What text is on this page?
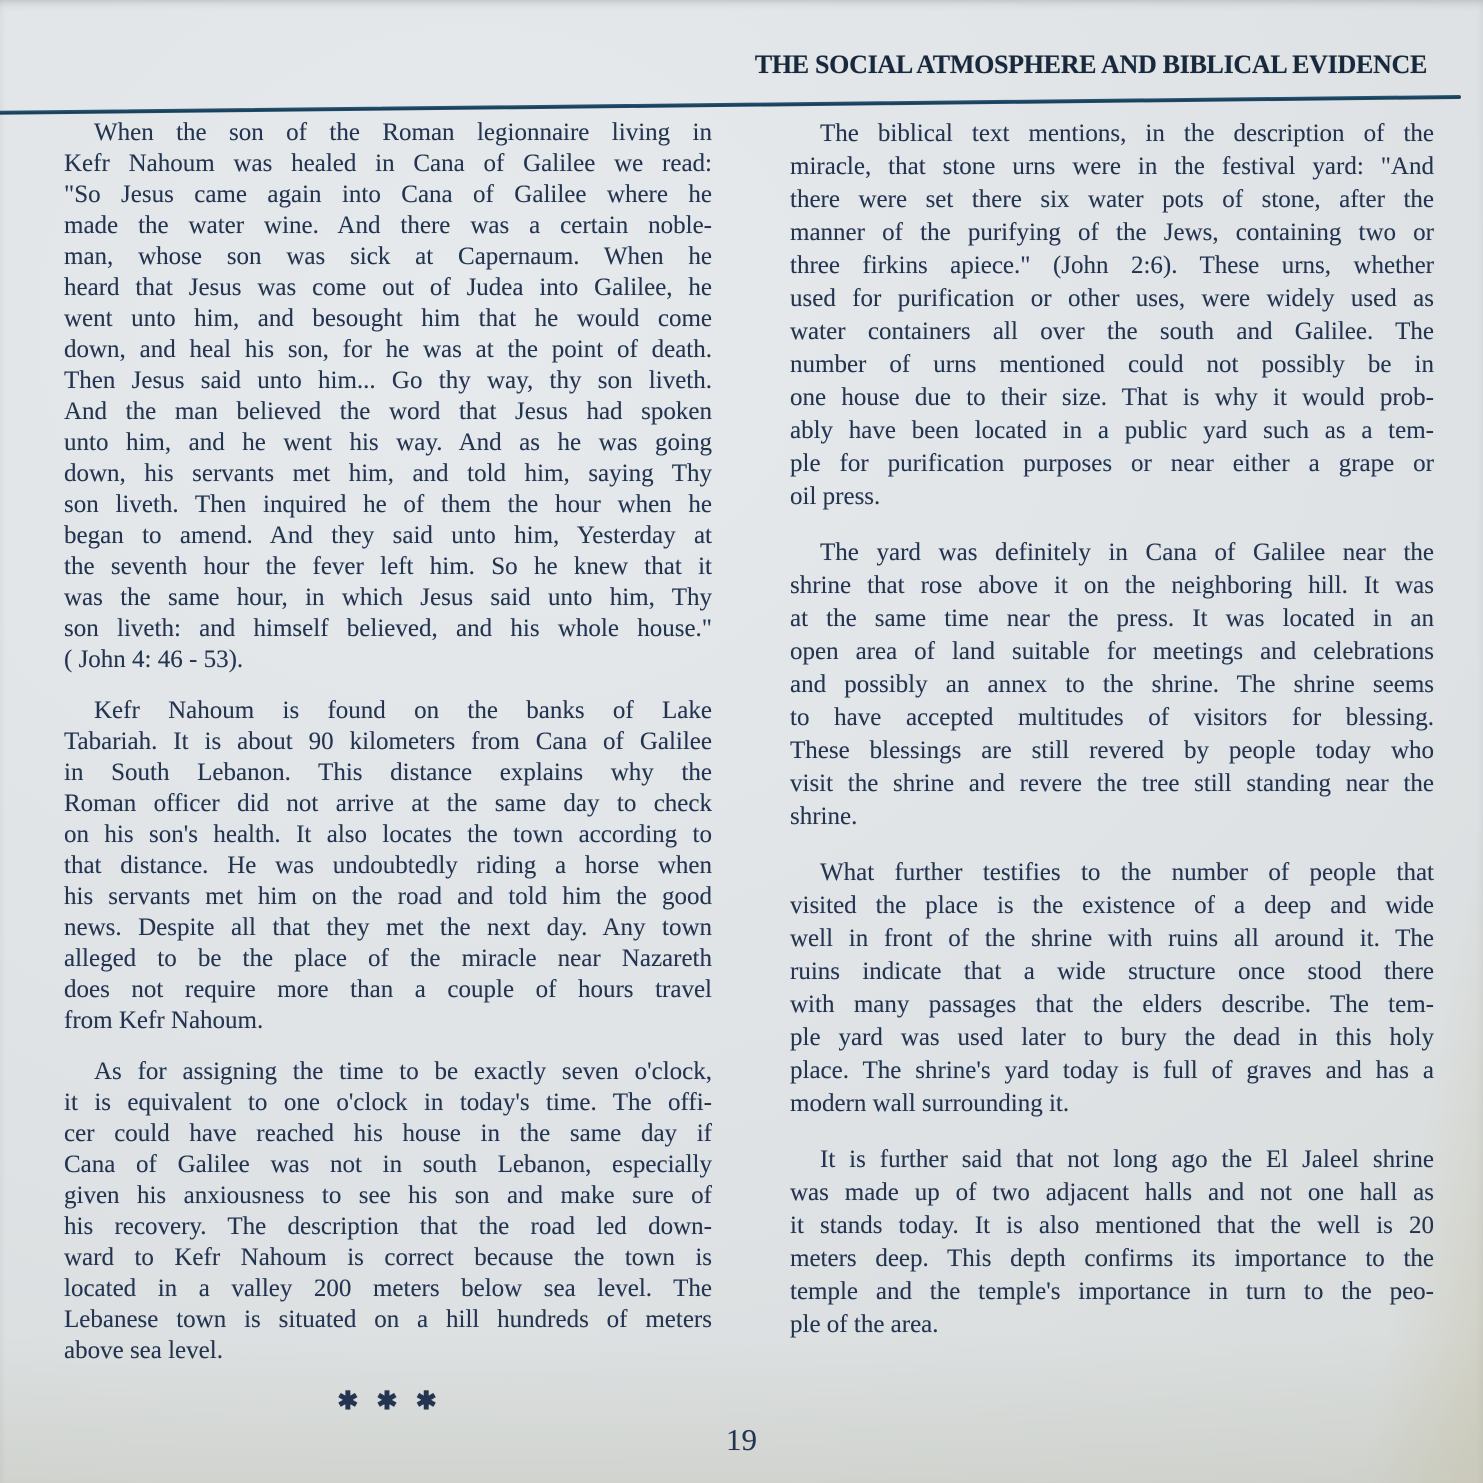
THE SOCIAL ATMOSPHERE AND BIBLICAL EVIDENCE
When the son of the Roman legionnaire living in
Kefr Nahoum was healed in Cana of Galilee we read:
"So Jesus came again into Cana of Galilee where he
made the water wine. And there was a certain noble-
man, whose son was sick at Capernaum. When he
heard that Jesus was come out of Judea into Galilee, he
went unto him, and besought him that he would come
down, and heal his son, for he was at the point of death.
Then Jesus said unto him... Go thy way, thy son liveth.
And the man believed the word that Jesus had spoken
unto him, and he went his way. And as he was going
down, his servants met him, and told him, saying Thy
son liveth. Then inquired he of them the hour when he
began to amend. And they said unto him, Yesterday at
the seventh hour the fever left him. So he knew that it
was the same hour, in which Jesus said unto him, Thy
son liveth: and himself believed, and his whole house."
( John 4: 46 - 53).
Kefr Nahoum is found on the banks of Lake
Tabariah. It is about 90 kilometers from Cana of Galilee
in South Lebanon. This distance explains why the
Roman officer did not arrive at the same day to check
on his son's health. It also locates the town according to
that distance. He was undoubtedly riding a horse when
his servants met him on the road and told him the good
news. Despite all that they met the next day. Any town
alleged to be the place of the miracle near Nazareth
does not require more than a couple of hours travel
from Kefr Nahoum.
As for assigning the time to be exactly seven o'clock,
it is equivalent to one o'clock in today's time. The offi-
cer could have reached his house in the same day if
Cana of Galilee was not in south Lebanon, especially
given his anxiousness to see his son and make sure of
his recovery. The description that the road led down-
ward to Kefr Nahoum is correct because the town is
located in a valley 200 meters below sea level. The
Lebanese town is situated on a hill hundreds of meters
above sea level.
The biblical text mentions, in the description of the
miracle, that stone urns were in the festival yard: "And
there were set there six water pots of stone, after the
manner of the purifying of the Jews, containing two or
three firkins apiece." (John 2:6). These urns, whether
used for purification or other uses, were widely used as
water containers all over the south and Galilee. The
number of urns mentioned could not possibly be in
one house due to their size. That is why it would prob-
ably have been located in a public yard such as a tem-
ple for purification purposes or near either a grape or
oil press.
The yard was definitely in Cana of Galilee near the
shrine that rose above it on the neighboring hill. It was
at the same time near the press. It was located in an
open area of land suitable for meetings and celebrations
and possibly an annex to the shrine. The shrine seems
to have accepted multitudes of visitors for blessing.
These blessings are still revered by people today who
visit the shrine and revere the tree still standing near the
shrine.
What further testifies to the number of people that
visited the place is the existence of a deep and wide
well in front of the shrine with ruins all around it. The
ruins indicate that a wide structure once stood there
with many passages that the elders describe. The tem-
ple yard was used later to bury the dead in this holy
place. The shrine's yard today is full of graves and has a
modern wall surrounding it.
It is further said that not long ago the El Jaleel shrine
was made up of two adjacent halls and not one hall as
it stands today. It is also mentioned that the well is 20
meters deep. This depth confirms its importance to the
temple and the temple's importance in turn to the peo-
ple of the area.
✱ ✱ ✱
19
